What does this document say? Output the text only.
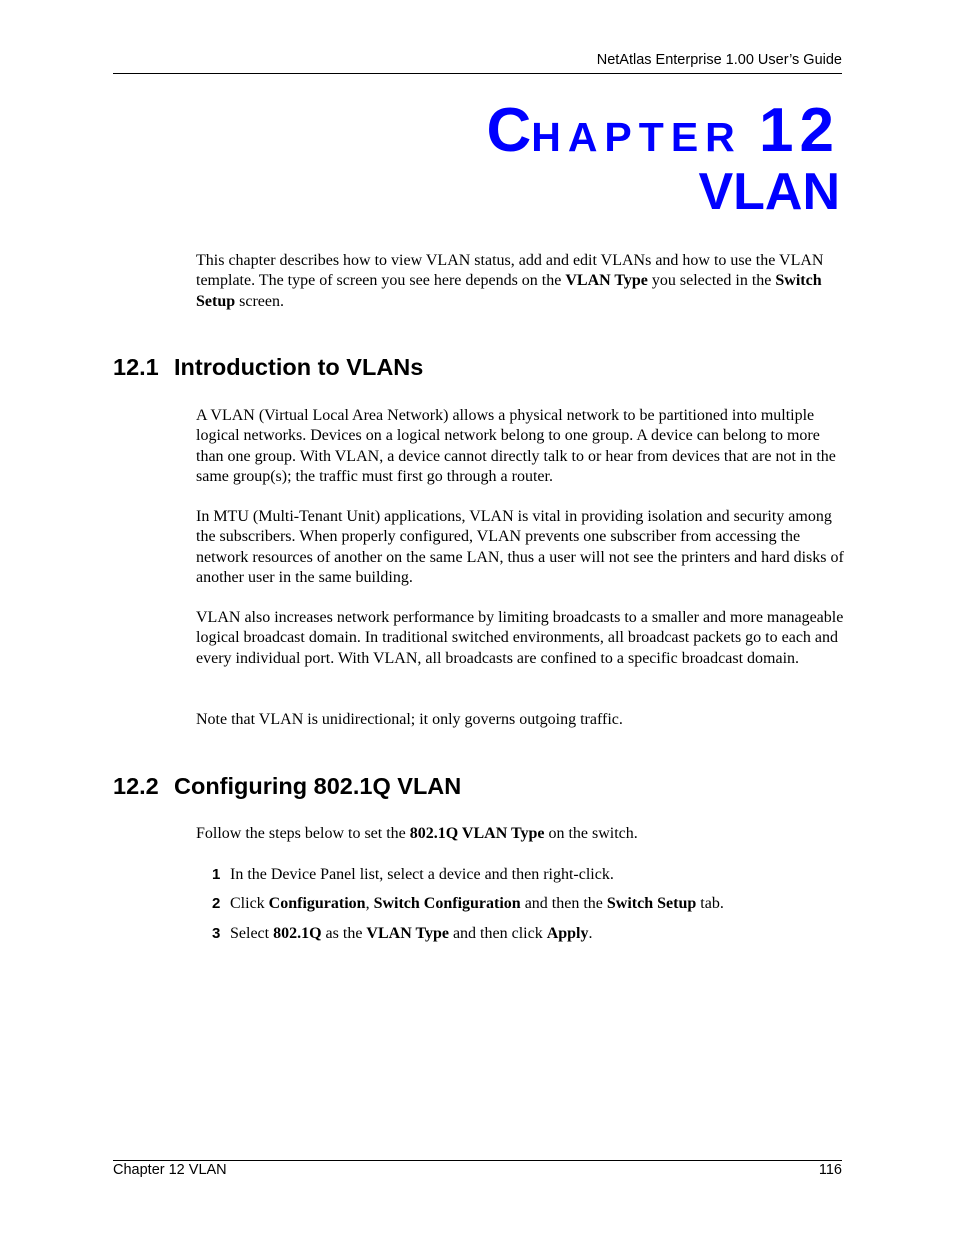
NetAtlas Enterprise 1.00 User’s Guide
CHAPTER 12
VLAN
This chapter describes how to view VLAN status, add and edit VLANs and how to use the VLAN template. The type of screen you see here depends on the VLAN Type you selected in the Switch Setup screen.
12.1 Introduction to VLANs
A VLAN (Virtual Local Area Network) allows a physical network to be partitioned into multiple logical networks. Devices on a logical network belong to one group. A device can belong to more than one group. With VLAN, a device cannot directly talk to or hear from devices that are not in the same group(s); the traffic must first go through a router.
In MTU (Multi-Tenant Unit) applications, VLAN is vital in providing isolation and security among the subscribers. When properly configured, VLAN prevents one subscriber from accessing the network resources of another on the same LAN, thus a user will not see the printers and hard disks of another user in the same building.
VLAN also increases network performance by limiting broadcasts to a smaller and more manageable logical broadcast domain. In traditional switched environments, all broadcast packets go to each and every individual port. With VLAN, all broadcasts are confined to a specific broadcast domain.
Note that VLAN is unidirectional; it only governs outgoing traffic.
12.2 Configuring 802.1Q VLAN
Follow the steps below to set the 802.1Q VLAN Type on the switch.
1 In the Device Panel list, select a device and then right-click.
2 Click Configuration, Switch Configuration and then the Switch Setup tab.
3 Select 802.1Q as the VLAN Type and then click Apply.
Chapter 12 VLAN	116
